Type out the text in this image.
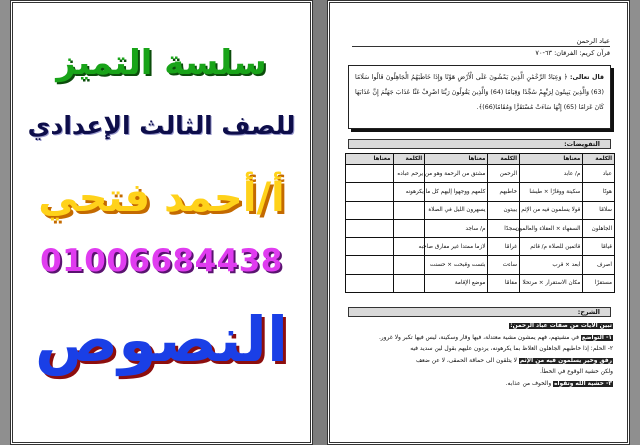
سلسة التميز
للصف الثالث الإعدادي
أ/أحمد فتحي
01006684438
النصوص
عباد الرحمن
قرآن كريم: الفرقان: ٦٣-٧٠
قال تعالى: ﴿ وَعِبَادُ الرَّحْمَٰنِ الَّذِينَ يَمْشُونَ عَلَى الْأَرْضِ هَوْنًا وَإِذَا خَاطَبَهُمُ الْجَاهِلُونَ قَالُوا سَلَامًا (63) وَالَّذِينَ يَبِيتُونَ لِرَبِّهِمْ سُجَّدًا وَقِيَامًا (64) وَالَّذِينَ يَقُولُونَ رَبَّنَا اصْرِفْ عَنَّا عَذَابَ جَهَنَّمَ إِنَّ عَذَابَهَا كَانَ غَرَامًا (65) إِنَّهَا سَاءَتْ مُسْتَقَرًّا وَمُقَامًا(66)﴾.
التفويضات:
الكلمة	معناها	الكلمة	معناها	الكلمة	معناها
عباد	م/ عابد	الرحمن	مشتق من الرحمة وهو من يرحم عباده		
هونًا	سكينة ووقارًا × طيشا	خاطبهم	كلمهم ووجهوا إليهم كل ما يكرهونه		
سلامًا	قولا يسلمون فيه من الإثم	يبيتون	يسهرون الليل في الصلاة		
الجاهلون	السفهاء × العقلاء والعالمون	سجدًا	م/ ساجد		
قيامًا	قائمين للصلاة م/ قائم	غرامًا	لازما ممتدا غير مفارق صاحبه		
اصرف	ابعد × قرب	ساءت	بئست وقبحت × حسنت		
مستقرًا	مكان الاستقرار × مرتحلا	مقامًا	موضع الإقامة		
الشرح:
تبين الآيات من صفات عباد الرحمن:
١- التواضع في مشيتهم، فهم يمشون مشية معتدلة، فيها وقار وسكينة، ليس فيها تكبر ولا غرور.
٢- الحلم: إذا خاطبهم الجاهلون الغلاظ بما يكرهونه، يردون عليهم بقول لين سديد فيه
رفق وخير يسلمون فيه من الإثم لا يتلقون الى حماقة الحمقى، لا عن ضعف
ولكن خشية الوقوع في الخطأ.
٣- خشية الله وتقواه والخوف من عذابه.
